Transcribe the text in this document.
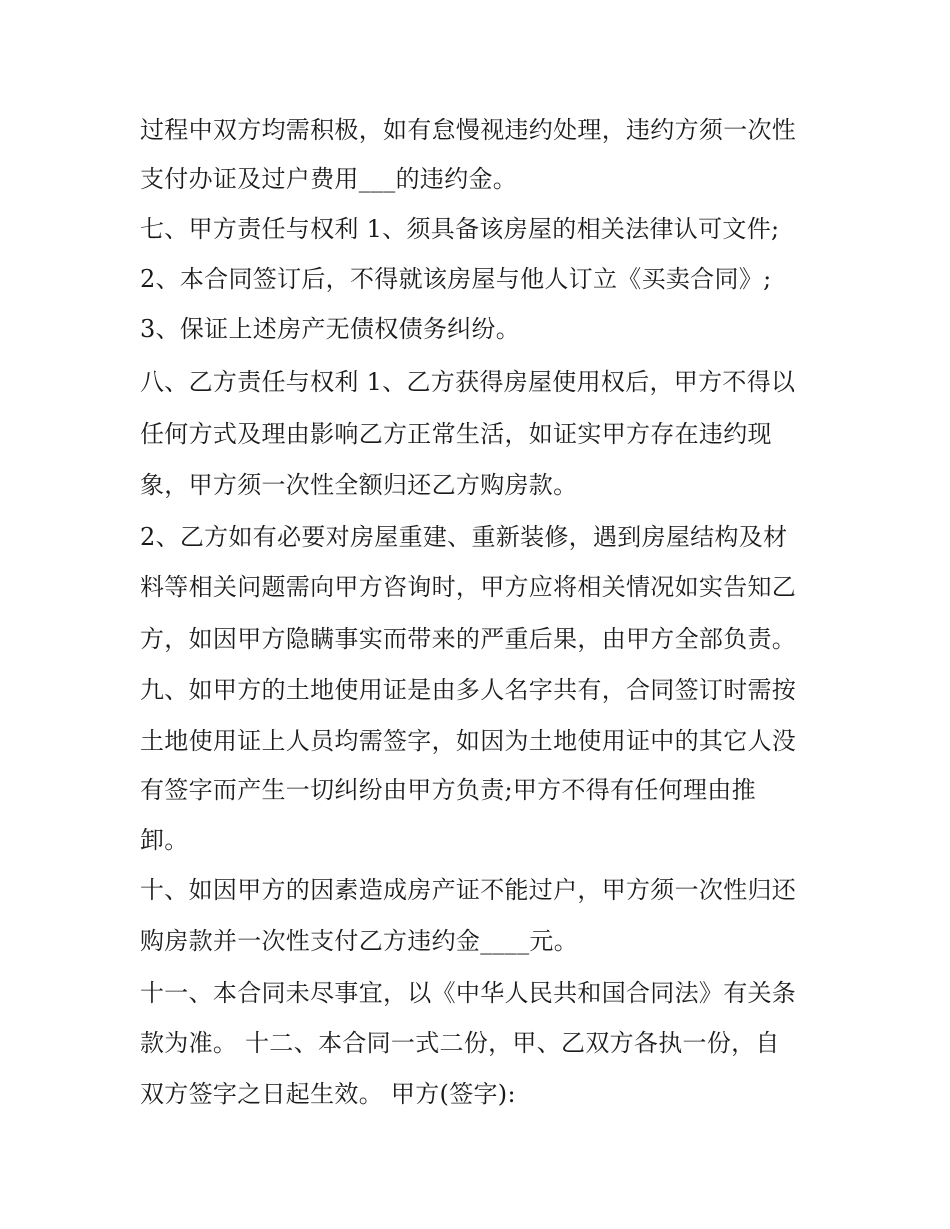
过程中双方均需积极，如有怠慢视违约处理，违约方须一次性

支付办证及过户费用___的违约金。

七、甲方责任与权利 1、须具备该房屋的相关法律认可文件;

2、本合同签订后，不得就该房屋与他人订立《买卖合同》;

3、保证上述房产无债权债务纠纷。

八、乙方责任与权利 1、乙方获得房屋使用权后，甲方不得以

任何方式及理由影响乙方正常生活，如证实甲方存在违约现

象，甲方须一次性全额归还乙方购房款。

2、乙方如有必要对房屋重建、重新装修，遇到房屋结构及材

料等相关问题需向甲方咨询时，甲方应将相关情况如实告知乙

方，如因甲方隐瞒事实而带来的严重后果，由甲方全部负责。

九、如甲方的土地使用证是由多人名字共有，合同签订时需按

土地使用证上人员均需签字，如因为土地使用证中的其它人没

有签字而产生一切纠纷由甲方负责;甲方不得有任何理由推

卸。

十、如因甲方的因素造成房产证不能过户，甲方须一次性归还

购房款并一次性支付乙方违约金____元。

十一、本合同未尽事宜，以《中华人民共和国合同法》有关条

款为准。 十二、本合同一式二份，甲、乙双方各执一份，自

双方签字之日起生效。 甲方(签字):
